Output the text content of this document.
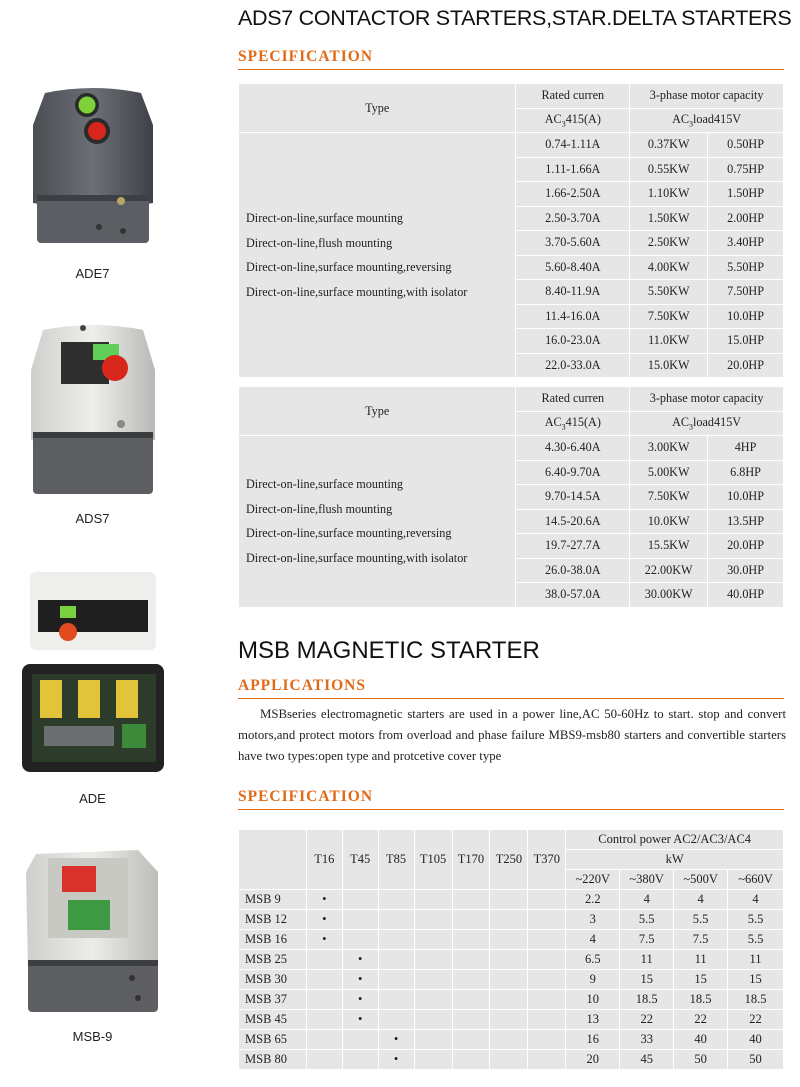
ADE7
ADS7
ADE
MSB-9
ADS7 CONTACTOR STARTERS,STAR.DELTA STARTERS
SPECIFICATION
Type	Rated curren	3-phase motor capacity	
	$AC_3415(A)$	$AC_3load415V$	

Direct-on-line,surface mounting
Direct-on-line,flush mounting
Direct-on-line,surface mounting,reversing
Direct-on-line,surface mounting,with isolator	0.74-1.11A	0.37KW	0.50HP
	1.11-1.66A	0.55KW	0.75HP
	1.66-2.50A	1.10KW	1.50HP
	2.50-3.70A	1.50KW	2.00HP
	3.70-5.60A	2.50KW	3.40HP
	5.60-8.40A	4.00KW	5.50HP
	8.40-11.9A	5.50KW	7.50HP
	11.4-16.0A	7.50KW	10.0HP
	16.0-23.0A	11.0KW	15.0HP
	22.0-33.0A	15.0KW	20.0HP
Type	Rated curren	3-phase motor capacity	
	$AC_3415(A)$	$AC_3load415V$	

Direct-on-line,surface mounting
Direct-on-line,flush mounting
Direct-on-line,surface mounting,reversing
Direct-on-line,surface mounting,with isolator	4.30-6.40A	3.00KW	4HP
	6.40-9.70A	5.00KW	6.8HP
	9.70-14.5A	7.50KW	10.0HP
	14.5-20.6A	10.0KW	13.5HP
	19.7-27.7A	15.5KW	20.0HP
	26.0-38.0A	22.00KW	30.0HP
	38.0-57.0A	30.00KW	40.0HP
MSB MAGNETIC STARTER
APPLICATIONS

MSBseries electromagnetic starters are used in a power line,AC 50-60Hz to start. stop and convert motors,and protect motors from overload and phase failure MBS9-msb80 starters and convertible starters have two types:open type and protcetive cover type

SPECIFICATION
	T16	T45	T85	T105	T170	T250	T370	Control power AC2/AC3/AC4			
								kW			
								~220V	~380V	~500V	~660V
MSB 9	•							2.2	4	4	4
MSB 12	•							3	5.5	5.5	5.5
MSB 16	•							4	7.5	7.5	5.5
MSB 25		•						6.5	11	11	11
MSB 30		•						9	15	15	15
MSB 37		•						10	18.5	18.5	18.5
MSB 45		•						13	22	22	22
MSB 65			•					16	33	40	40
MSB 80			•					20	45	50	50
